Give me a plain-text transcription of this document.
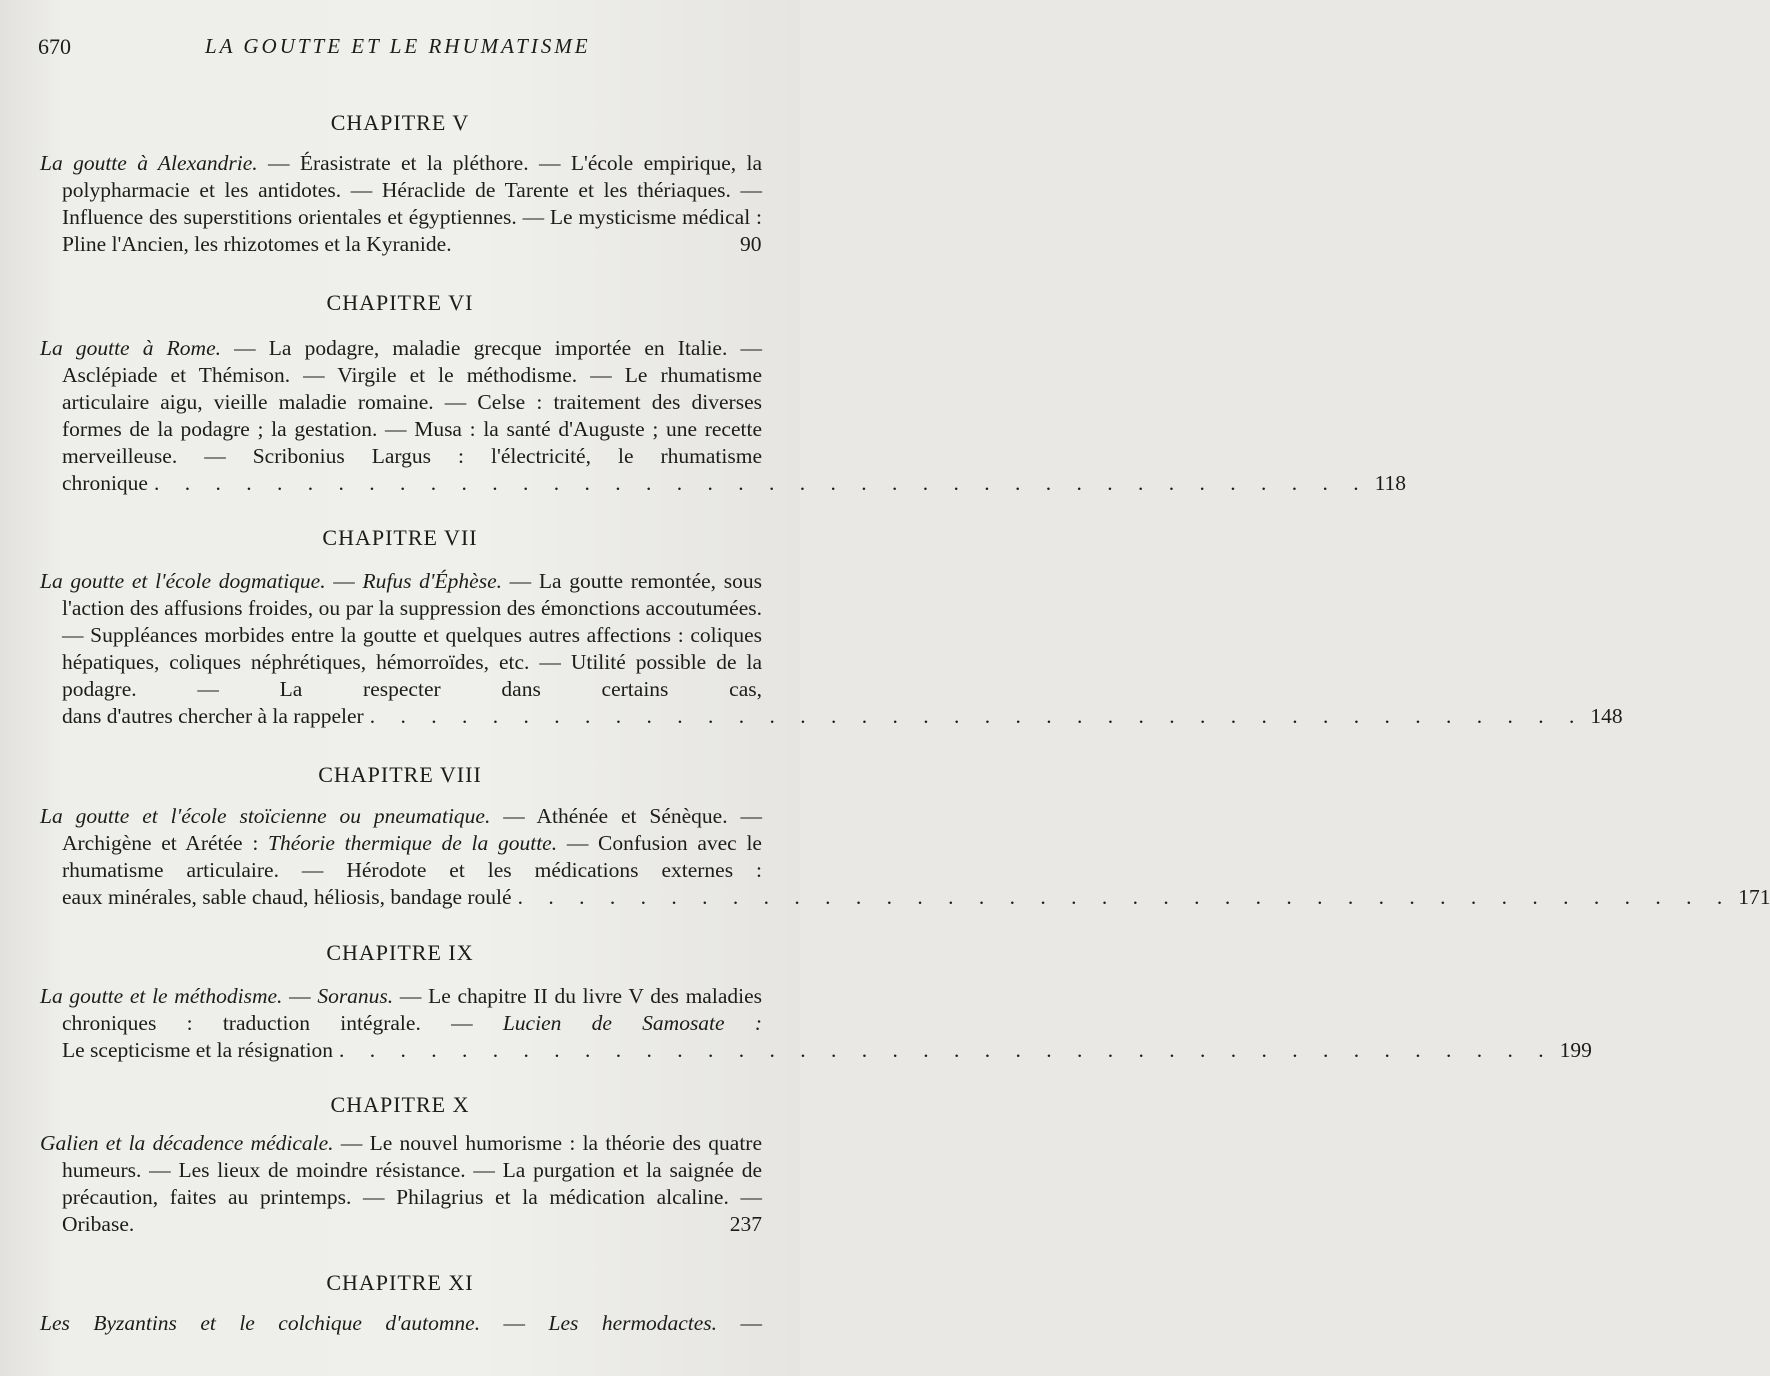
670	LA GOUTTE ET LE RHUMATISME
CHAPITRE V

La goutte à Alexandrie. — Érasistrate et la pléthore. — L'école empirique, la polypharmacie et les antidotes. — Héraclide de Tarente et les thériaques. — Influence des superstitions orientales et égyptiennes. — Le mysticisme médical : Pline l'Ancien, les rhizotomes et la Kyranide.	90

CHAPITRE VI

La goutte à Rome. — La podagre, maladie grecque importée en Italie. — Asclépiade et Thémison. — Virgile et le méthodisme. — Le rhumatisme articulaire aigu, vieille maladie romaine. — Celse : traitement des diverses formes de la podagre ; la gestation. — Musa : la santé d'Auguste ; une recette merveilleuse. — Scribonius Largus : l'électricité, le rhumatisme

chronique . . . . . . . . . . . . . . . . . . . . . . . . . . . . . . . . . . . . . . . . 118
CHAPITRE VII

La goutte et l'école dogmatique. — Rufus d'Éphèse. — La goutte remontée, sous l'action des affusions froides, ou par la suppression des émonctions accoutumées. — Suppléances morbides entre la goutte et quelques autres affections : coliques hépatiques, coliques néphrétiques, hémorroïdes, etc. — Utilité possible de la podagre. — La respecter dans certains cas,

dans d'autres chercher à la rappeler . . . . . . . . . . . . . . . . . . . . . . . . . . . . . . . . . . . . . . . . 148
CHAPITRE VIII

La goutte et l'école stoïcienne ou pneumatique. — Athénée et Sénèque. — Archigène et Arétée : Théorie thermique de la goutte. — Confusion avec le rhumatisme articulaire. — Hérodote et les médications externes :

eaux minérales, sable chaud, héliosis, bandage roulé . . . . . . . . . . . . . . . . . . . . . . . . . . . . . . . . . . . . . . . . 171
CHAPITRE IX

La goutte et le méthodisme. — Soranus. — Le chapitre II du livre V des maladies chroniques : traduction intégrale. — Lucien de Samosate :

Le scepticisme et la résignation . . . . . . . . . . . . . . . . . . . . . . . . . . . . . . . . . . . . . . . . 199
CHAPITRE X

Galien et la décadence médicale. — Le nouvel humorisme : la théorie des quatre humeurs. — Les lieux de moindre résistance. — La purgation et la saignée de précaution, faites au printemps. — Philagrius et la médication alcaline. — Oribase.	237

CHAPITRE XI

Les Byzantins et le colchique d'automne. — Les hermodactes. —
